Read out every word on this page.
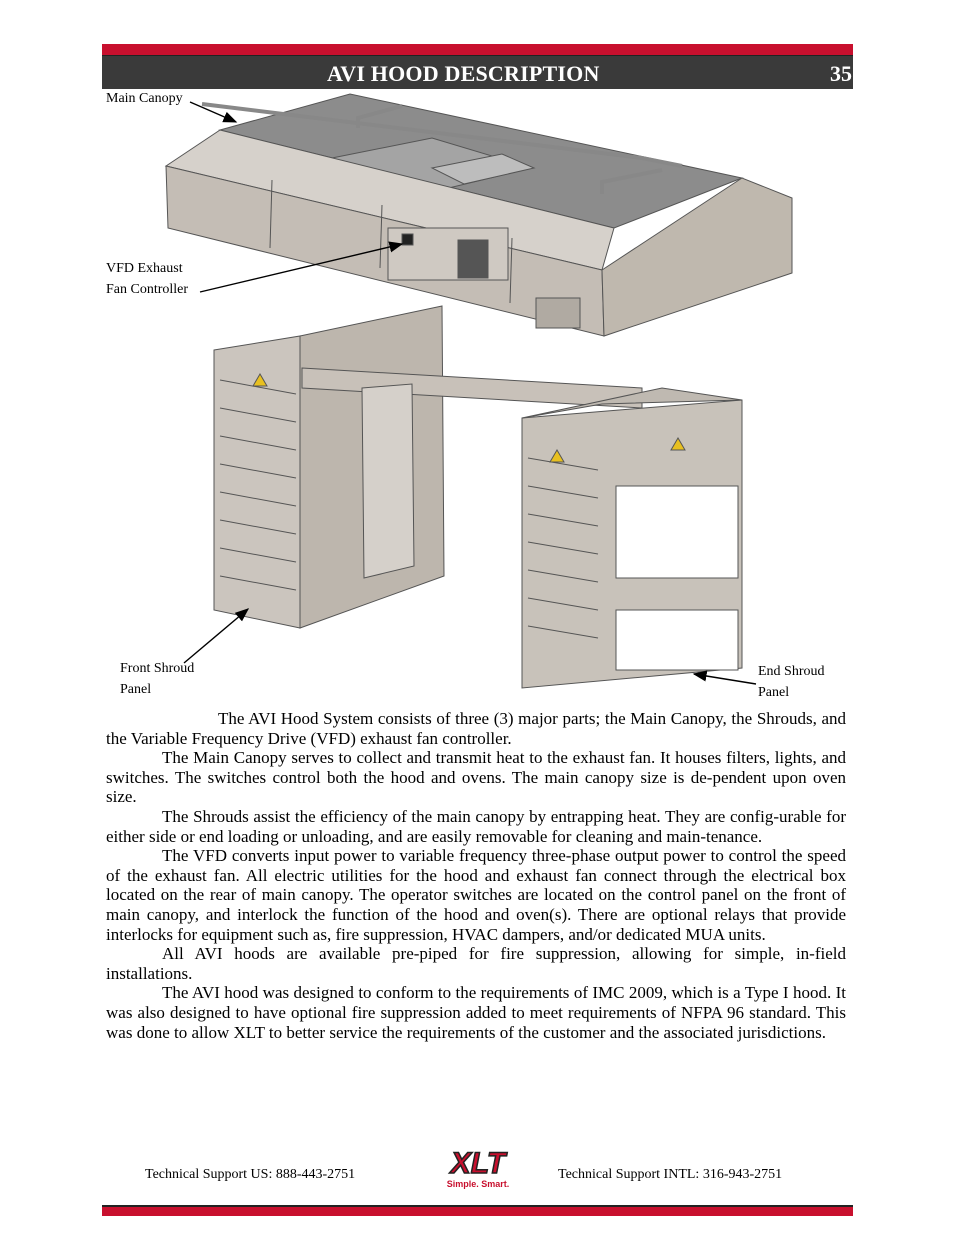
AVI HOOD DESCRIPTION	35
Main Canopy
VFD Exhaust
Fan Controller
Front Shroud
Panel
End Shroud
Panel

The AVI Hood System consists of three (3) major parts; the Main Canopy, the Shrouds, and the Variable Frequency Drive (VFD) exhaust fan controller.

The Main Canopy serves to collect and transmit heat to the exhaust fan. It houses filters, lights, and switches. The switches control both the hood and ovens. The main canopy size is de-pendent upon oven size.

The Shrouds assist the efficiency of the main canopy by entrapping heat. They are config-urable for either side or end loading or unloading, and are easily removable for cleaning and main-tenance.

The VFD converts input power to variable frequency three-phase output power to control the speed of the exhaust fan. All electric utilities for the hood and exhaust fan connect through the electrical box located on the rear of main canopy. The operator switches are located on the control panel on the front of main canopy, and interlock the function of the hood and oven(s). There are optional relays that provide interlocks for equipment such as, fire suppression, HVAC dampers, and/or dedicated MUA units.

All AVI hoods are available pre-piped for fire suppression, allowing for simple, in-field installations.

The AVI hood was designed to conform to the requirements of IMC 2009, which is a Type I hood. It was also designed to have optional fire suppression added to meet requirements of NFPA 96 standard. This was done to allow XLT to better service the requirements of the customer and the associated jurisdictions.

Technical Support US: 888-443-2751	XLT
Simple. Smart.
Technical Support INTL: 316-943-2751
